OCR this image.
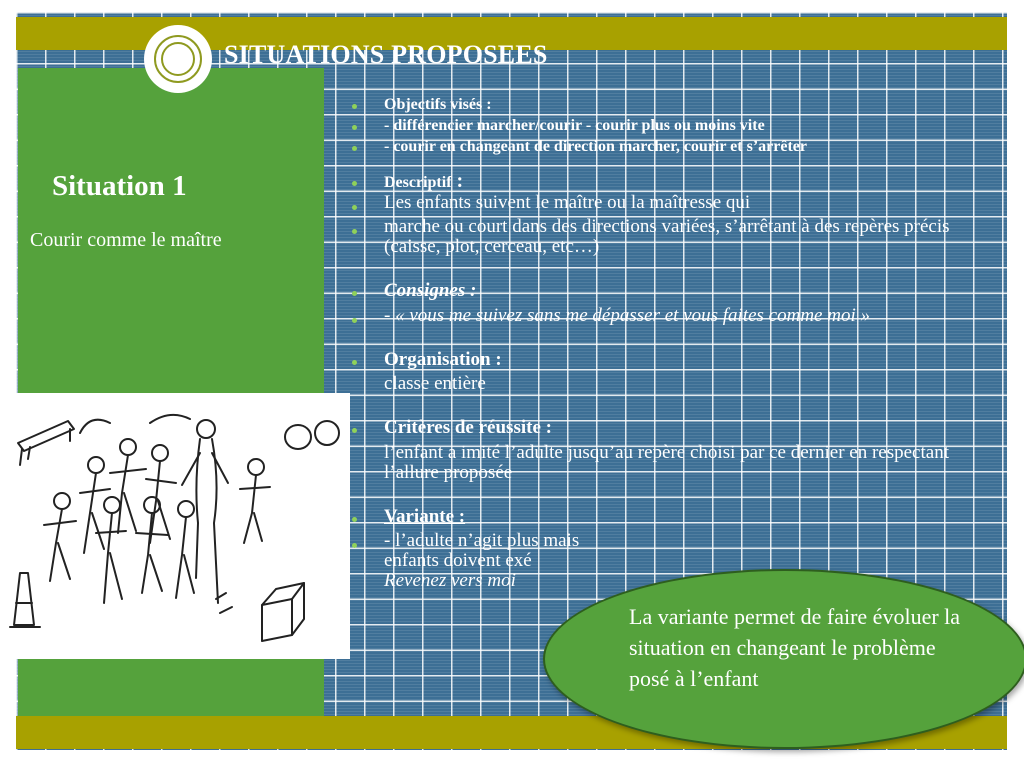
SITUATIONS PROPOSEES
Situation 1
Courir comme le maître
Objectifs visés :
- différencier marcher/courir - courir plus ou moins vite
- courir en changeant de direction marcher, courir et s’arrêter
Descriptif :
Les enfants suivent le maître ou la maîtresse qui
marche ou court dans des directions variées, s’arrêtant à des repères précis (caisse, plot, cerceau, etc…)
Consignes :
- « vous me suivez sans me dépasser et vous faites comme moi »
Organisation :
classe entière
Critères de réussite :
l’enfant a imité l’adulte jusqu’au repère choisi par ce dernier en respectant l’allure proposée
Variante :
- l’adulte n’agit plus mais
enfants doivent exé
Revenez vers moi
La variante permet de faire évoluer la situation en changeant le problème posé à l’enfant
